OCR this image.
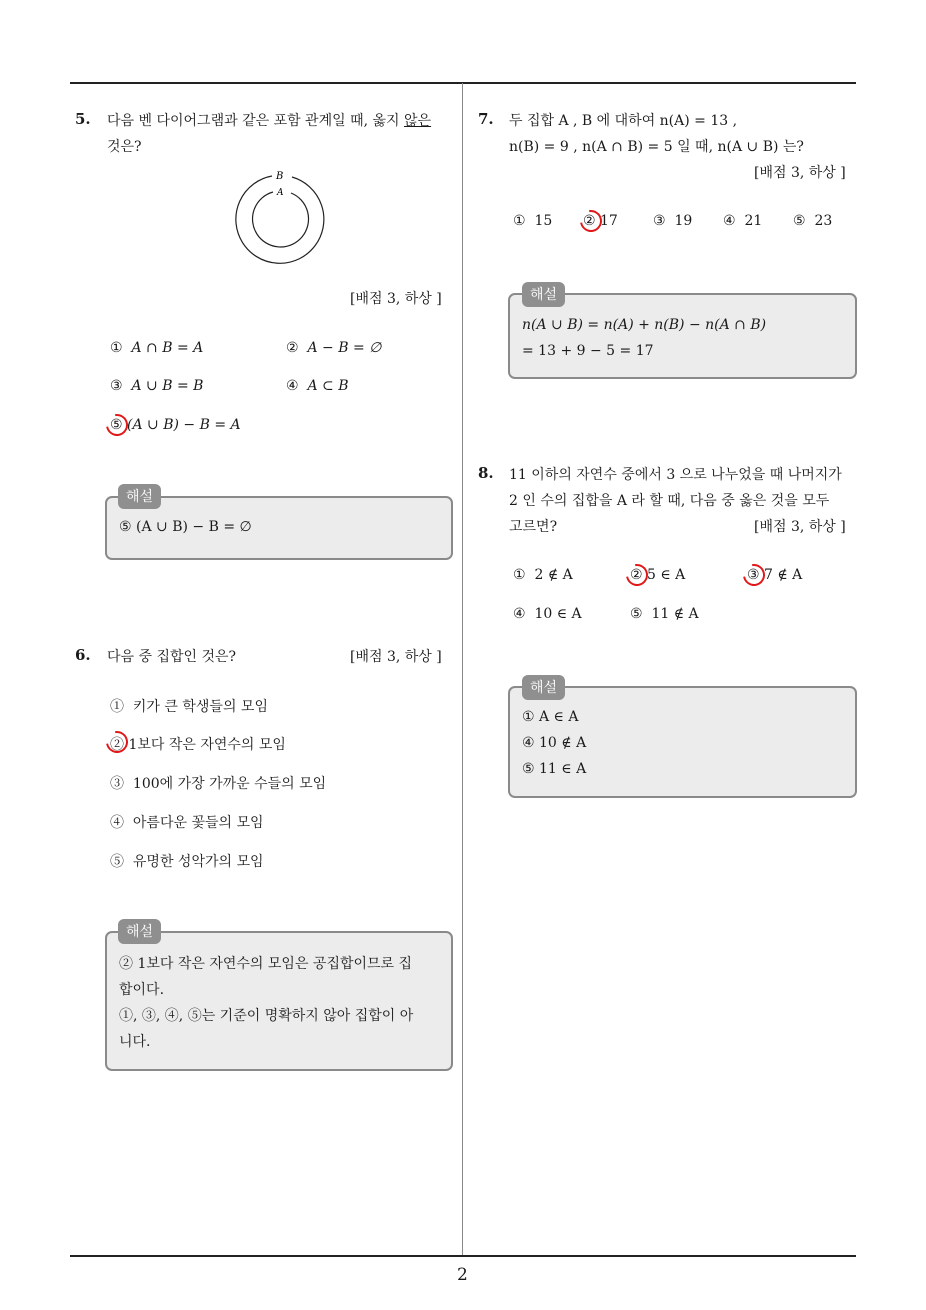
2
5. 다음 벤 다이어그램과 같은 포함 관계일 때, 옳지 않은
것은?
B
A
[배점 3, 하상 ]
① A ∩ B = A	② A − B = ∅
③ A ∪ B = B	④ A ⊂ B
⑤ (A ∪ B) − B = A
⑤ (A ∪ B) − B = ∅
해설
6. 다음 중 집합인 것은?	[배점 3, 하상 ]
① 키가 큰 학생들의 모임
② 1보다 작은 자연수의 모임
③ 100에 가장 가까운 수들의 모임
④ 아름다운 꽃들의 모임
⑤ 유명한 성악가의 모임
② 1보다 작은 자연수의 모임은 공집합이므로 집
합이다.
①, ③, ④, ⑤는 기준이 명확하지 않아 집합이 아
니다.
해설
7. 두 집합 A , B 에 대하여 n(A) = 13 ,
n(B) = 9 , n(A ∩ B) = 5 일 때, n(A ∪ B) 는?
[배점 3, 하상 ]
① 15 ② 17	③ 19 ④ 21 ⑤ 23
n(A ∪ B) = n(A) + n(B) − n(A ∩ B)
= 13 + 9 − 5 = 17
해설
8. 11 이하의 자연수 중에서 3 으로 나누었을 때 나머지가
2 인 수의 집합을 A 라 할 때, 다음 중 옳은 것을 모두
고르면?	[배점 3, 하상 ]
① 2 ∉ A	② 5 ∈ A	③ 7 ∉ A
④ 10 ∈ A	⑤ 11 ∉ A
① A ∈ A
④ 10 ∉ A
⑤ 11 ∈ A
해설
